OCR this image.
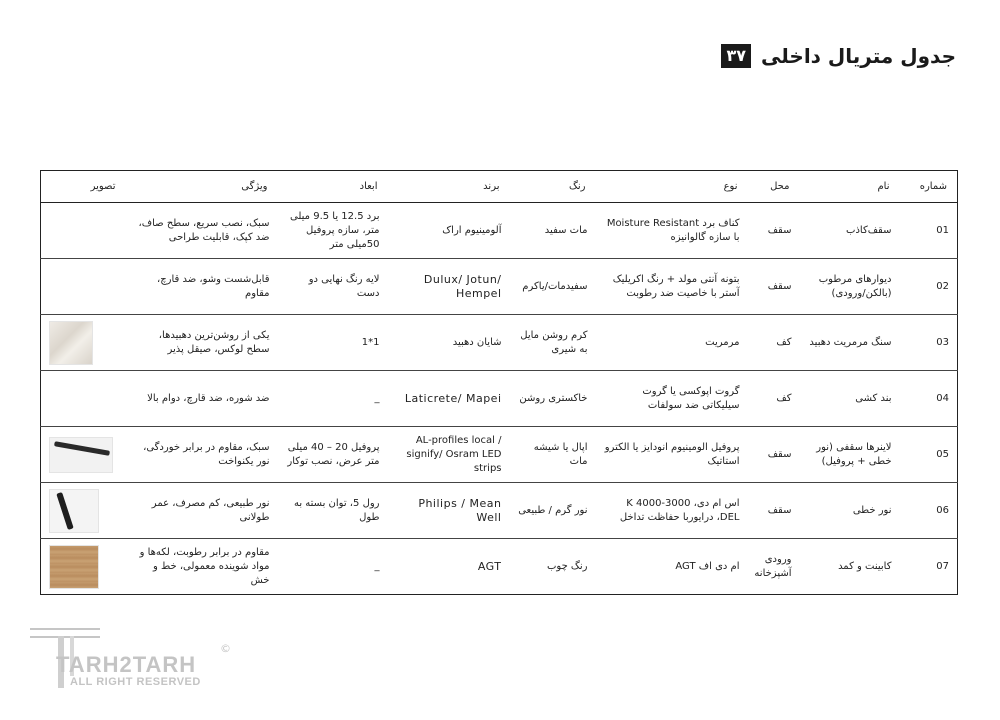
۳۷ جدول متریال داخلی
شماره	نام	محل	نوع	رنگ	برند	ابعاد	ویژگی	تصویر
01	سقف‌کاذب	سقف	کناف برد Moisture Resistant با سازه گالوانیزه	مات سفید	آلومینیوم اراک	برد 12.5 یا 9.5 میلی متر، سازه پروفیل 50میلی متر	سبک، نصب سریع، سطح صاف، ضد کپک، قابلیت طراحی	
02	دیوارهای مرطوب (بالکن/ورودی)	سقف	بتونه آنتی مولد + رنگ اکریلیک آستر با خاصیت ضد رطوبت	سفیدمات/یاکرم	Dulux/ Jotun/ Hempel	لایه رنگ نهایی دو دست	قابل‌شست وشو، ضد قارچ، مقاوم	
03	سنگ مرمریت دهبید	کف	مرمریت	کرم روشن مایل به شیری	شایان دهبید	1*1	یکی از روشن‌ترین دهبیدها، سطح لوکس، صیقل پذیر	

04	بند کشی	کف	گروت اپوکسی یا گروت سیلیکاتی ضد سولفات	خاکستری روشن	Laticrete/ Mapei	_	ضد شوره، ضد قارچ، دوام بالا	
05	لاینرها سقفی (نور خطی + پروفیل)	سقف	پروفیل الومینیوم انودایز یا الکترو استاتیک	اپال یا شیشه مات	AL-profiles local / signify/ Osram LED strips	پروفیل 20 – 40 میلی متر عرض، نصب توکار	سبک، مقاوم در برابر خوردگی، نور یکنواخت	

06	نور خطی	سقف	اس ام دی، K 4000-3000 DEL، درایوربا حفاظت تداخل	نور گرم / طبیعی	Philips / Mean Well	رول 5، توان بسته به طول	نور طبیعی، کم مصرف، عمر طولانی	

07	کابینت و کمد	ورودی آشپزخانه	ام دی اف AGT	رنگ چوب	AGT	_	مقاوم در برابر رطوبت، لکه‌ها و مواد شوینده معمولی، خط و خش	
TARH2TARH
ALL RIGHT RESERVED
©
